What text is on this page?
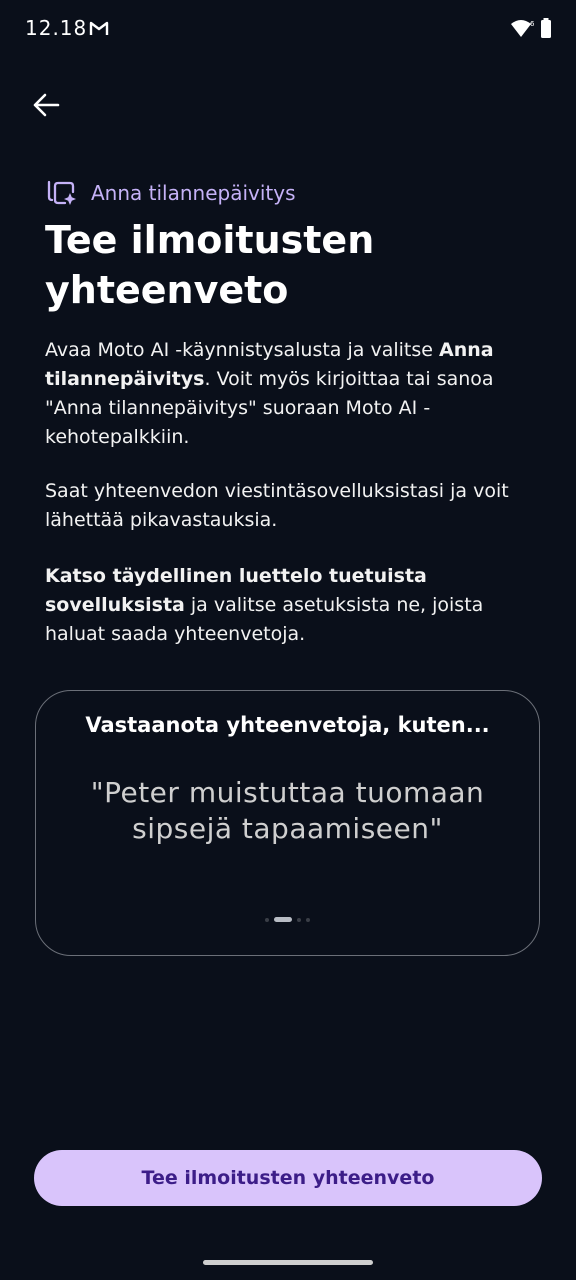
12.18	6
Anna tilannepäivitys
Tee ilmoitusten yhteenveto

Avaa Moto AI -käynnistysalusta ja valitse Anna tilannepäivitys. Voit myös kirjoittaa tai sanoa "Anna tilannepäivitys" suoraan Moto AI -kehotepalkkiin.

Saat yhteenvedon viestintäsovelluksistasi ja voit lähettää pikavastauksia.

Katso täydellinen luettelo tuetuista sovelluksista ja valitse asetuksista ne, joista haluat saada yhteenvetoja.

Vastaanota yhteenvetoja, kuten...
"Peter muistuttaa tuomaan sipsejä tapaamiseen"
Tee ilmoitusten yhteenveto
